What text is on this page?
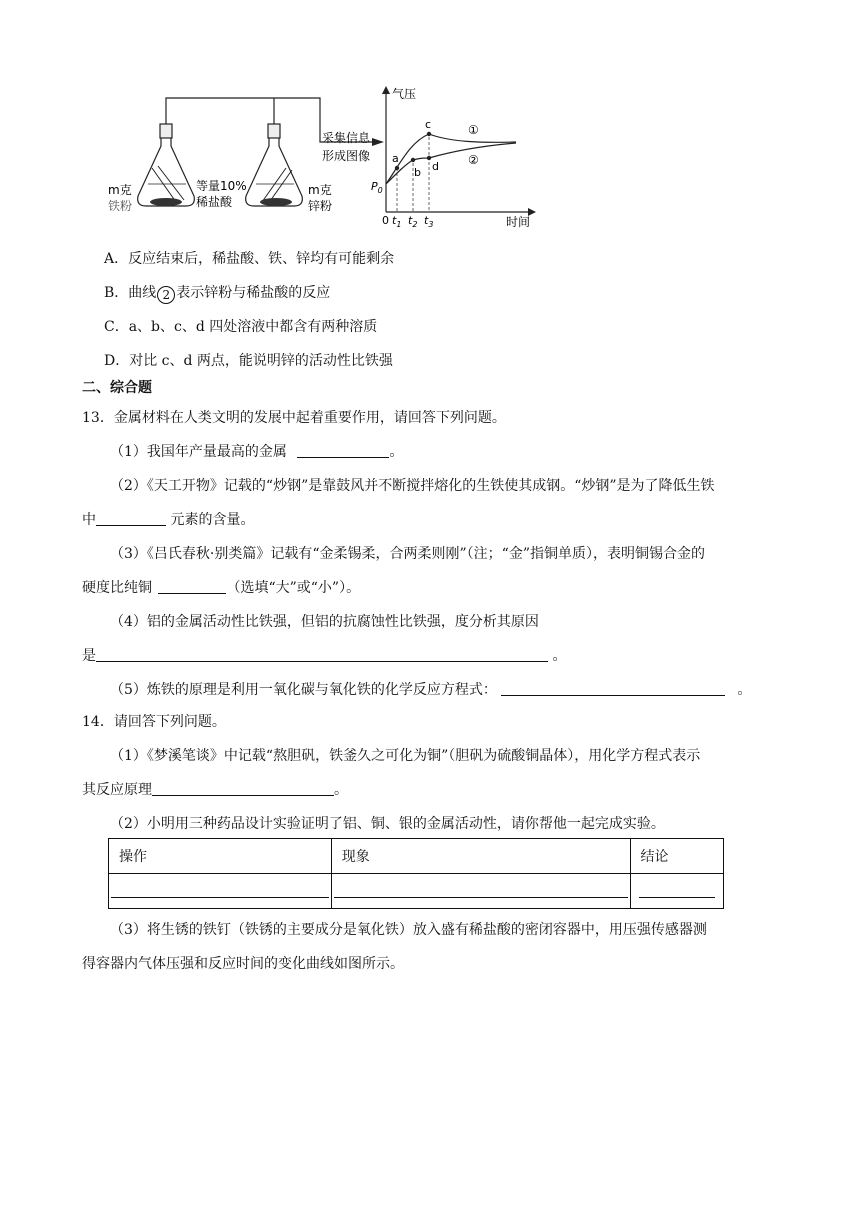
m克
铁粉
等量10%
稀盐酸
m克
锌粉
采集信息
形成图像
气压
时间
0
$P_0$
a
b
c
d
①
②
$t_1$ $t_2$ $t_3$
A．反应结束后，稀盐酸、铁、锌均有可能剩余
B．曲线 2 表示锌粉与稀盐酸的反应
C．a、b、c、d 四处溶液中都含有两种溶质
D．对比 c、d 两点，能说明锌的活动性比铁强
二、综合题
13．金属材料在人类文明的发展中起着重要作用，请回答下列问题。
（1）我国年产量最高的金属	。
（2）《天工开物》记载的“炒钢”是靠鼓风并不断搅拌熔化的生铁使其成钢。“炒钢”是为了降低生铁
中	元素的含量。
（3）《吕氏春秋·别类篇》记载有“金柔锡柔，合两柔则刚”（注；“金”指铜单质），表明铜锡合金的
硬度比纯铜	（选填“大”或“小”）。
（4）铝的金属活动性比铁强，但铝的抗腐蚀性比铁强，度分析其原因
是	。
（5）炼铁的原理是利用一氧化碳与氧化铁的化学反应方程式：	。
14．请回答下列问题。
（1）《梦溪笔谈》中记载“熬胆矾，铁釜久之可化为铜”（胆矾为硫酸铜晶体），用化学方程式表示
其反应原理	。
（2）小明用三种药品设计实验证明了铝、铜、银的金属活动性，请你帮他一起完成实验。
操作	现象	结论

（3）将生锈的铁钉（铁锈的主要成分是氧化铁）放入盛有稀盐酸的密闭容器中，用压强传感器测
得容器内气体压强和反应时间的变化曲线如图所示。
